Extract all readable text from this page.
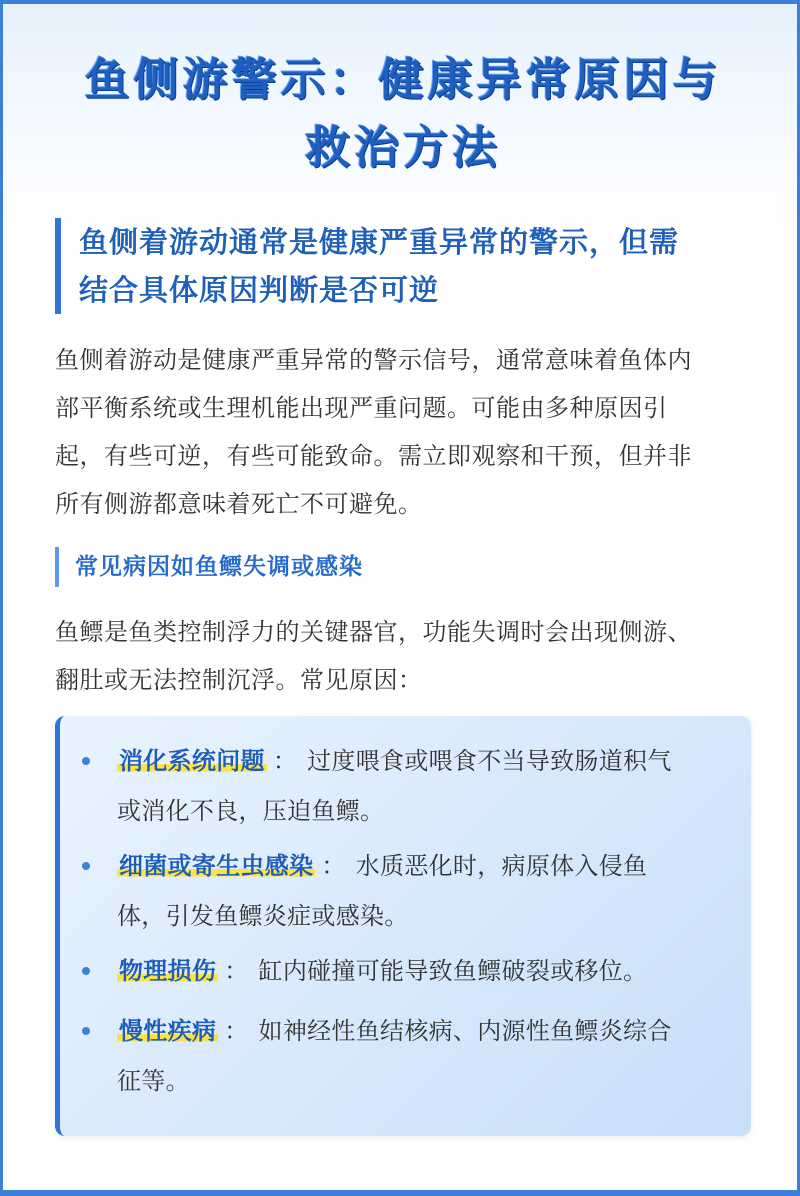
鱼侧游警示：健康异常原因与
救治方法
鱼侧着游动通常是健康严重异常的警示，但需
结合具体原因判断是否可逆
鱼侧着游动是健康严重异常的警示信号，通常意味着鱼体内
部平衡系统或生理机能出现严重问题。可能由多种原因引
起，有些可逆，有些可能致命。需立即观察和干预，但并非
所有侧游都意味着死亡不可避免。
常见病因如鱼鳔失调或感染
鱼鳔是鱼类控制浮力的关键器官，功能失调时会出现侧游、
翻肚或无法控制沉浮。常见原因：
消化系统问题 ： 过度喂食或喂食不当导致肠道积气
或消化不良，压迫鱼鳔。
细菌或寄生虫感染 ： 水质恶化时，病原体入侵鱼
体，引发鱼鳔炎症或感染。
物理损伤 ： 缸内碰撞可能导致鱼鳔破裂或移位。
慢性疾病 ： 如神经性鱼结核病、内源性鱼鳔炎综合
征等。
